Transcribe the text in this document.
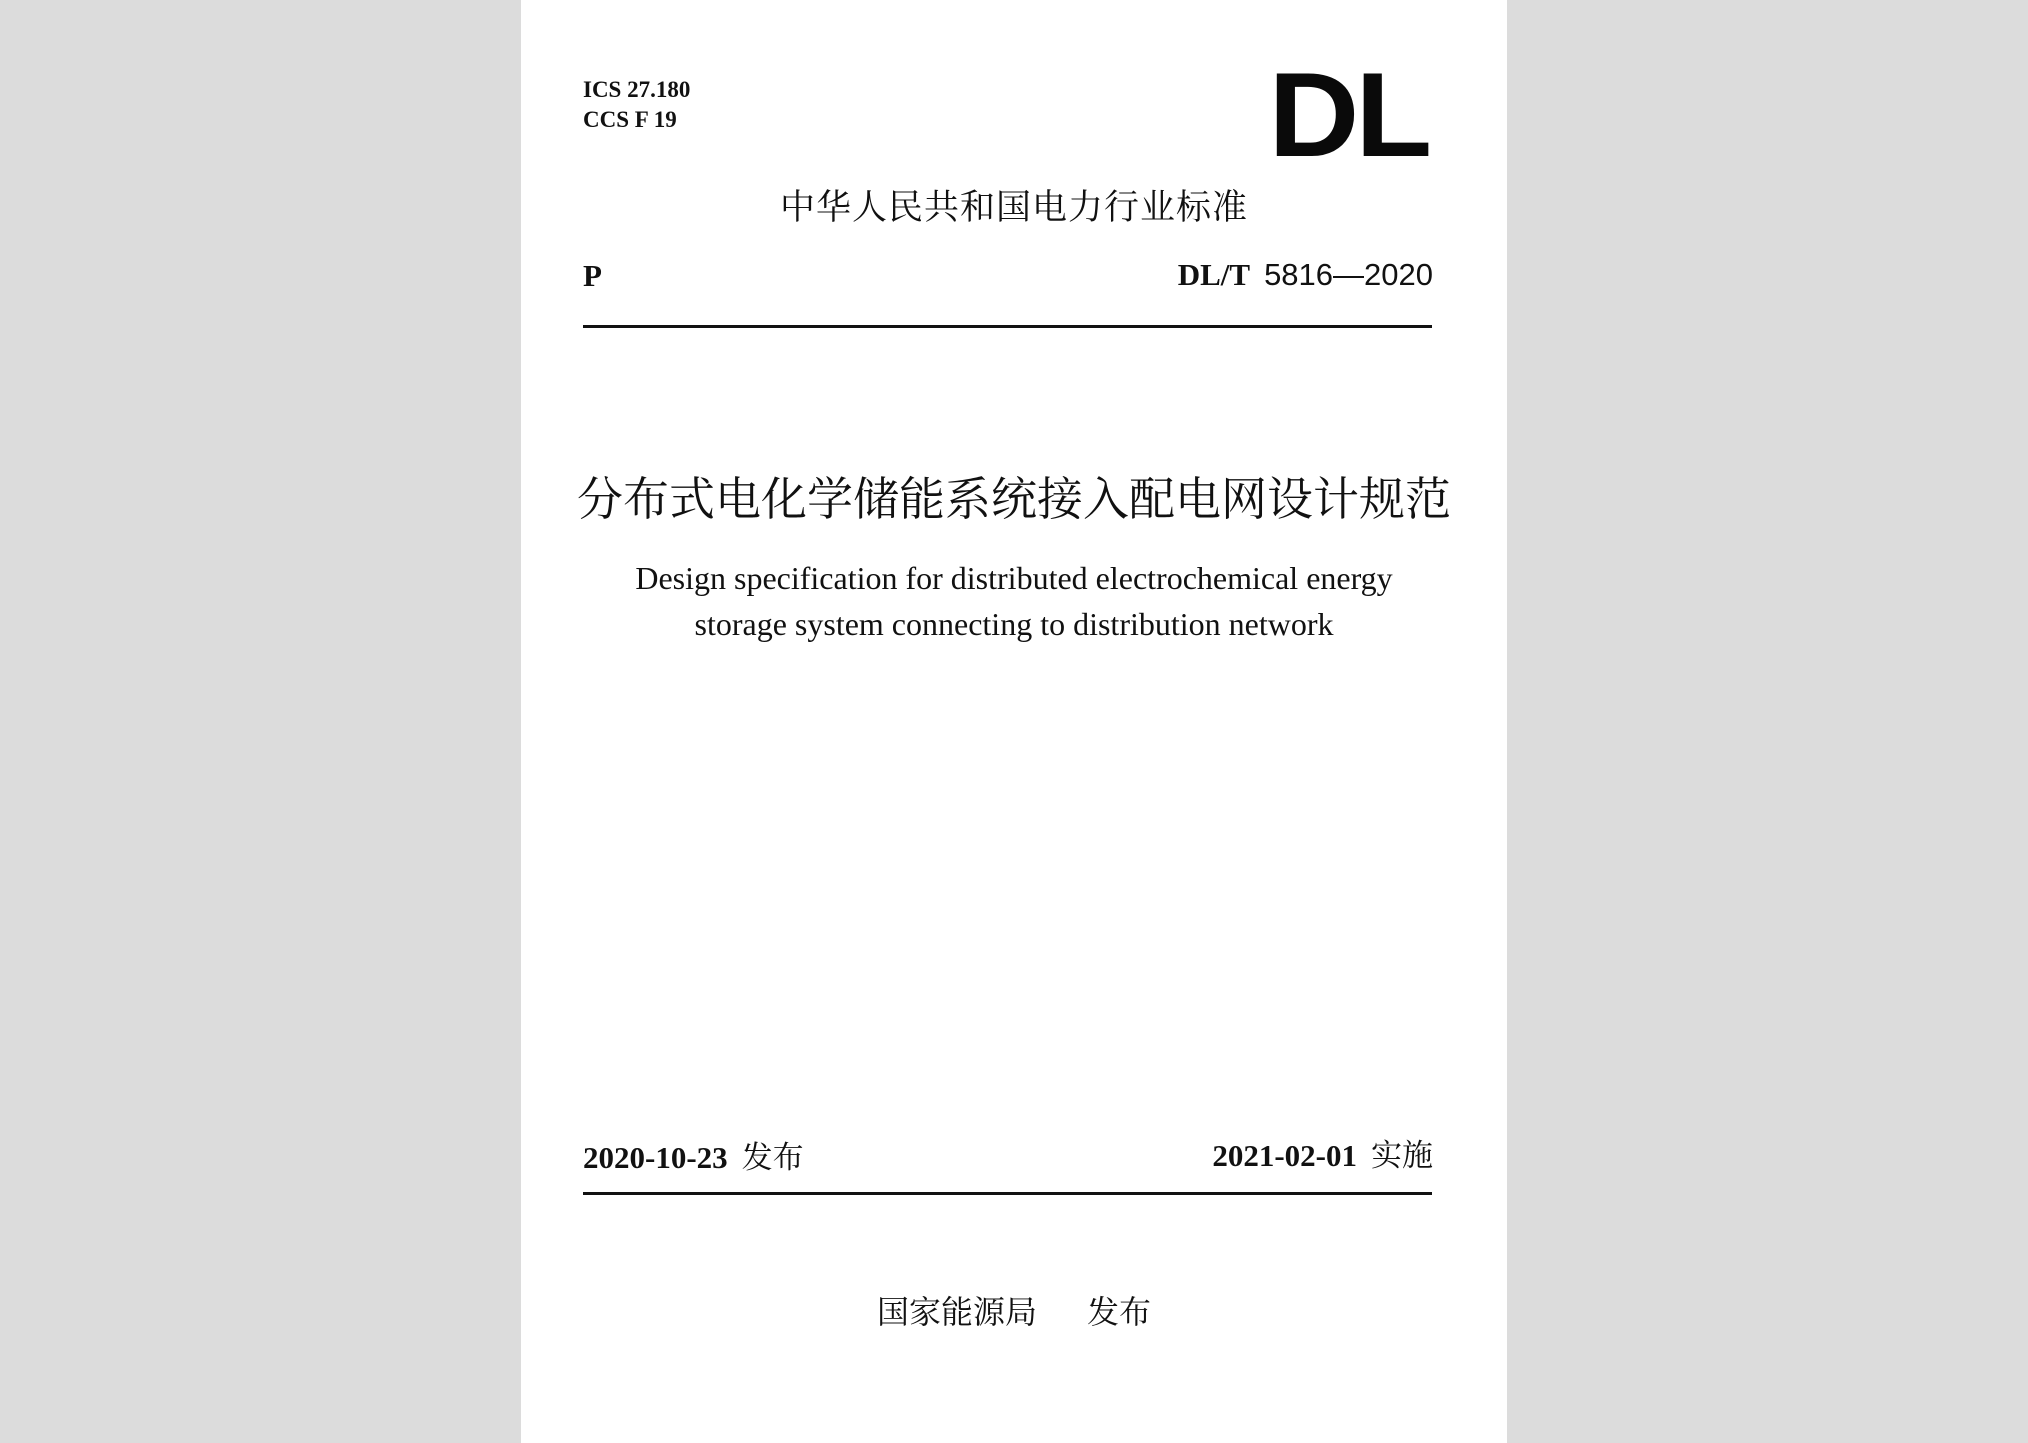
ICS 27.180
CCS F 19	DL
中华人民共和国电力行业标准
P	DL/T 5816—2020
分布式电化学储能系统接入配电网设计规范
Design specification for distributed electrochemical energy
storage system connecting to distribution network
2020-10-23 发布	2021-02-01 实施
国家能源局 发布
